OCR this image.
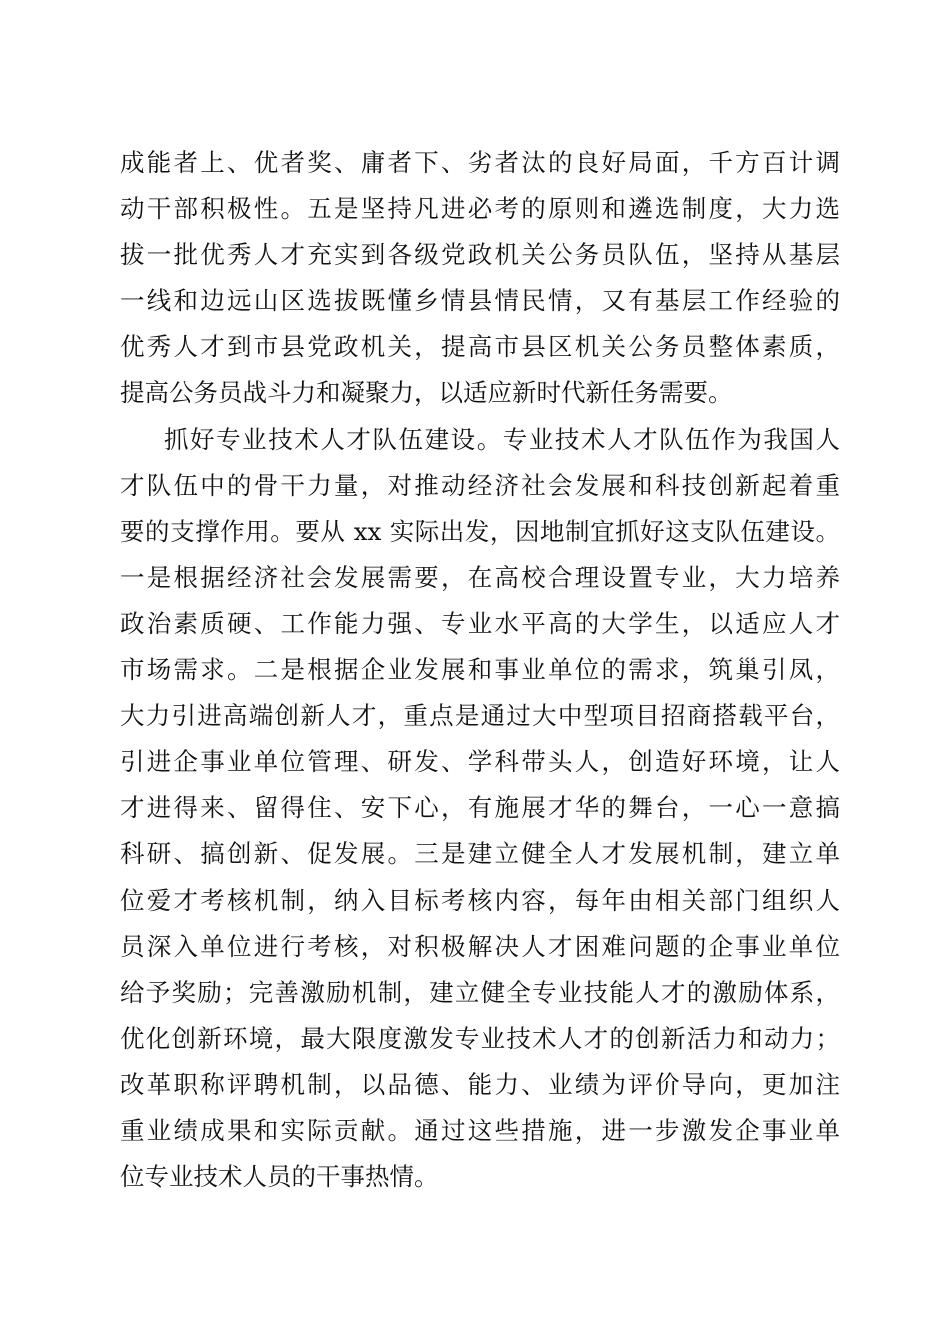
成能者上、优者奖、庸者下、劣者汰的良好局面，千方百计调
动干部积极性。五是坚持凡进必考的原则和遴选制度，大力选
拔一批优秀人才充实到各级党政机关公务员队伍，坚持从基层
一线和边远山区选拔既懂乡情县情民情，又有基层工作经验的
优秀人才到市县党政机关，提高市县区机关公务员整体素质，
提高公务员战斗力和凝聚力，以适应新时代新任务需要。
抓好专业技术人才队伍建设。专业技术人才队伍作为我国人
才队伍中的骨干力量，对推动经济社会发展和科技创新起着重
要的支撑作用。要从 xx 实际出发，因地制宜抓好这支队伍建设。
一是根据经济社会发展需要，在高校合理设置专业，大力培养
政治素质硬、工作能力强、专业水平高的大学生，以适应人才
市场需求。二是根据企业发展和事业单位的需求，筑巢引凤，
大力引进高端创新人才，重点是通过大中型项目招商搭载平台，
引进企事业单位管理、研发、学科带头人，创造好环境，让人
才进得来、留得住、安下心，有施展才华的舞台，一心一意搞
科研、搞创新、促发展。三是建立健全人才发展机制，建立单
位爱才考核机制，纳入目标考核内容，每年由相关部门组织人
员深入单位进行考核，对积极解决人才困难问题的企事业单位
给予奖励；完善激励机制，建立健全专业技能人才的激励体系，
优化创新环境，最大限度激发专业技术人才的创新活力和动力；
改革职称评聘机制，以品德、能力、业绩为评价导向，更加注
重业绩成果和实际贡献。通过这些措施，进一步激发企事业单
位专业技术人员的干事热情。
